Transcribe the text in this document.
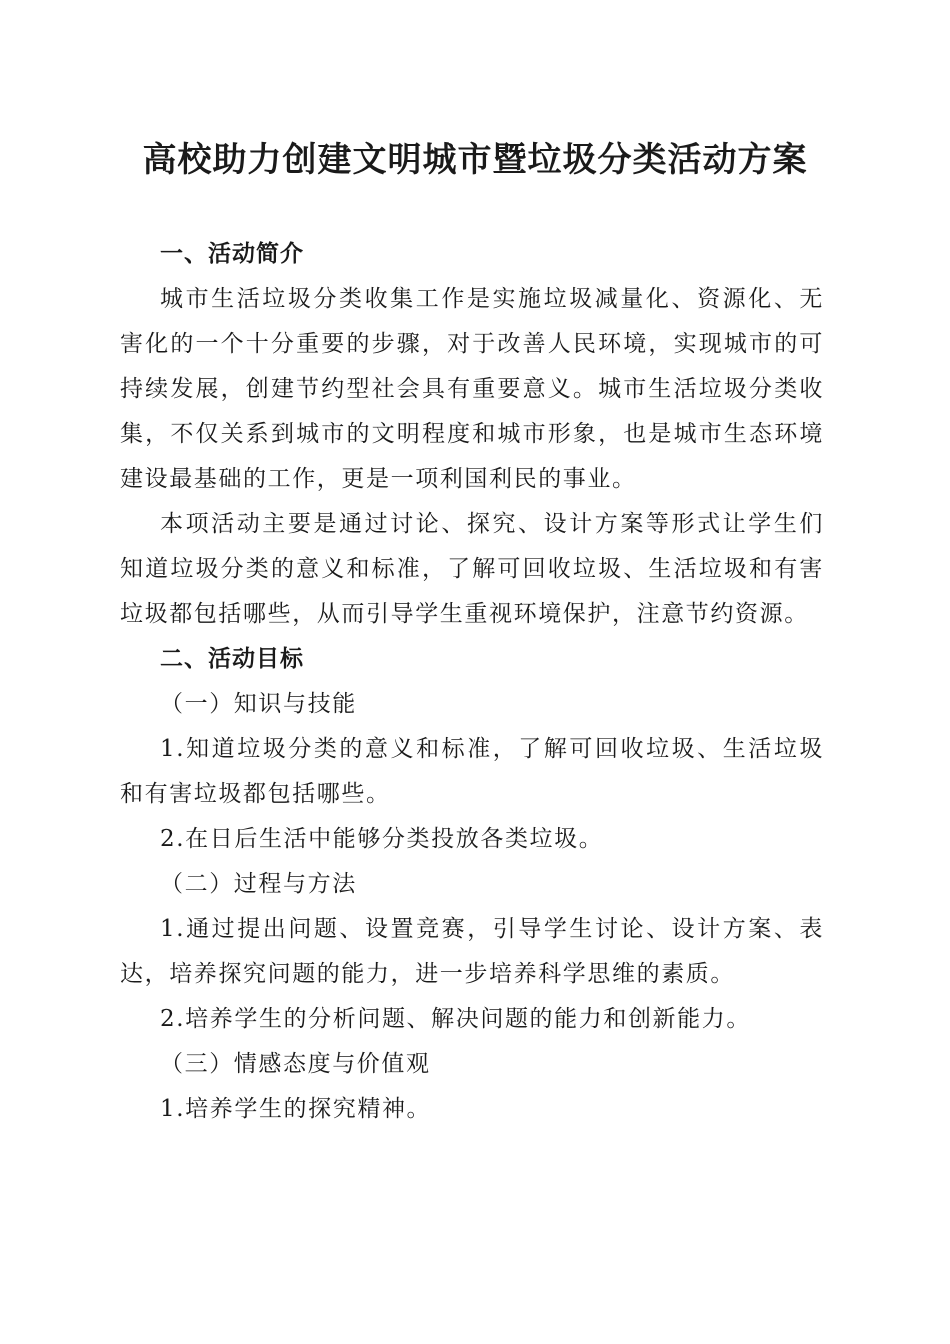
高校助力创建文明城市暨垃圾分类活动方案

一、活动简介

城市生活垃圾分类收集工作是实施垃圾减量化、资源化、无害化的一个十分重要的步骤，对于改善人民环境，实现城市的可持续发展，创建节约型社会具有重要意义。城市生活垃圾分类收集，不仅关系到城市的文明程度和城市形象，也是城市生态环境建设最基础的工作，更是一项利国利民的事业。

本项活动主要是通过讨论、探究、设计方案等形式让学生们知道垃圾分类的意义和标准，了解可回收垃圾、生活垃圾和有害垃圾都包括哪些，从而引导学生重视环境保护，注意节约资源。

二、活动目标

（一）知识与技能

1.知道垃圾分类的意义和标准，了解可回收垃圾、生活垃圾和有害垃圾都包括哪些。

2.在日后生活中能够分类投放各类垃圾。

（二）过程与方法

1.通过提出问题、设置竞赛，引导学生讨论、设计方案、表达，培养探究问题的能力，进一步培养科学思维的素质。

2.培养学生的分析问题、解决问题的能力和创新能力。

（三）情感态度与价值观

1.培养学生的探究精神。
